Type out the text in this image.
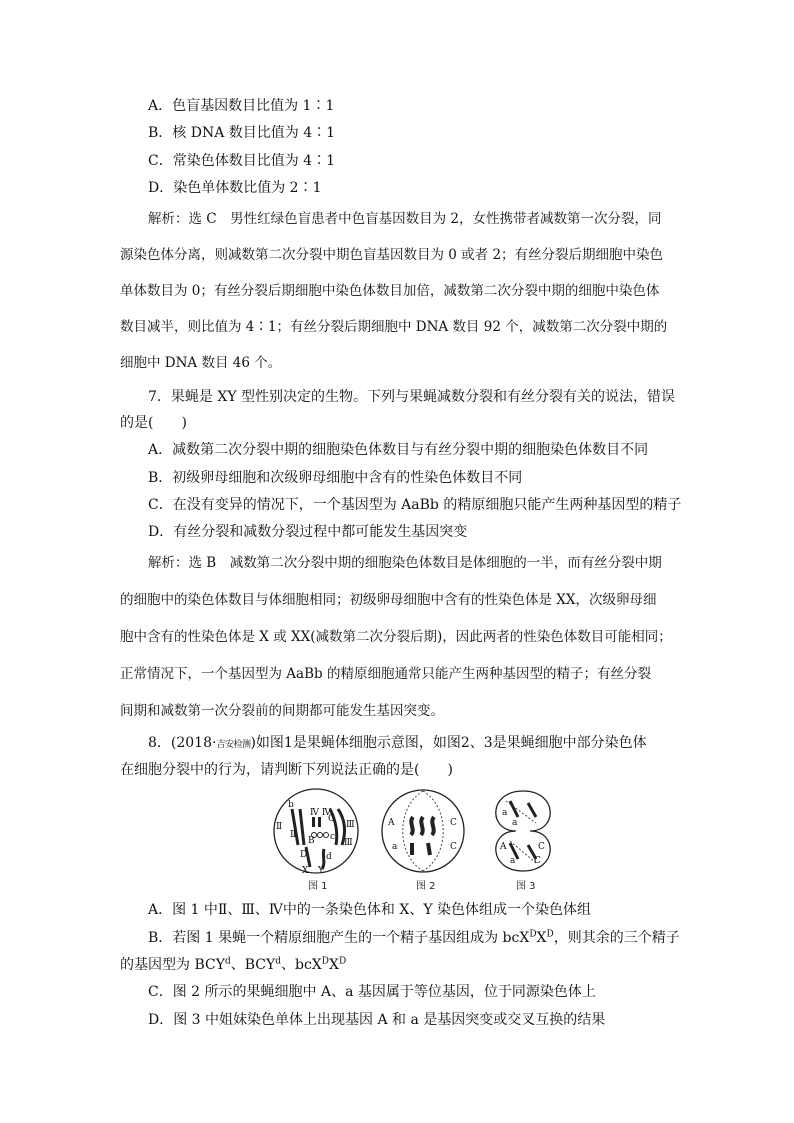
A．色盲基因数目比值为 1∶1
B．核 DNA 数目比值为 4∶1
C．常染色体数目比值为 4∶1
D．染色单体数比值为 2∶1
解析：选 C　男性红绿色盲患者中色盲基因数目为 2，女性携带者减数第一次分裂，同
源染色体分离，则减数第二次分裂中期色盲基因数目为 0 或者 2；有丝分裂后期细胞中染色
单体数目为 0；有丝分裂后期细胞中染色体数目加倍，减数第二次分裂中期的细胞中染色体
数目减半，则比值为 4∶1；有丝分裂后期细胞中 DNA 数目 92 个，减数第二次分裂中期的
细胞中 DNA 数目 46 个。
7．果蝇是 XY 型性别决定的生物。下列与果蝇减数分裂和有丝分裂有关的说法，错误
的是(　　)
A．减数第二次分裂中期的细胞染色体数目与有丝分裂中期的细胞染色体数目不同
B．初级卵母细胞和次级卵母细胞中含有的性染色体数目不同
C．在没有变异的情况下，一个基因型为 AaBb 的精原细胞只能产生两种基因型的精子
D．有丝分裂和减数分裂过程中都可能发生基因突变
解析：选 B　减数第二次分裂中期的细胞染色体数目是体细胞的一半，而有丝分裂中期
的细胞中的染色体数目与体细胞相同；初级卵母细胞中含有的性染色体是 XX，次级卵母细
胞中含有的性染色体是 X 或 XX(减数第二次分裂后期)，因此两者的性染色体数目可能相同；
正常情况下，一个基因型为 AaBb 的精原细胞通常只能产生两种基因型的精子；有丝分裂
间期和减数第一次分裂前的间期都可能发生基因突变。
8．(2018·吉安检测)如图1是果蝇体细胞示意图，如图2、3是果蝇细胞中部分染色体
在细胞分裂中的行为，请判断下列说法正确的是(　　)
b
Ⅱ
Ⅱ
B
Ⅳ Ⅳ
C
c
Ⅲ
Ⅲ
D d
X Y
图 1
A
a
C
C
图 2
a
a
A
a
C
C
图 3
A．图 1 中Ⅱ、Ⅲ、Ⅳ中的一条染色体和 X、Y 染色体组成一个染色体组
B．若图 1 果蝇一个精原细胞产生的一个精子基因组成为 $bcX^DX^D$，则其余的三个精子
的基因型为 BCY$^d$、BCY$^d$、$bcX^DX^D$
C．图 2 所示的果蝇细胞中 A、a 基因属于等位基因，位于同源染色体上
D．图 3 中姐妹染色单体上出现基因 A 和 a 是基因突变或交叉互换的结果
